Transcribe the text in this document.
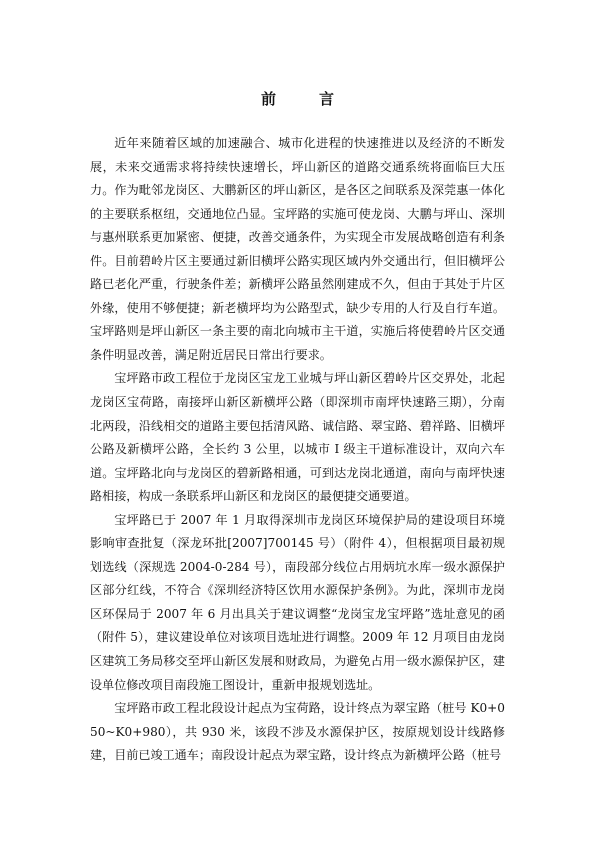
前　言

近年来随着区域的加速融合、城市化进程的快速推进以及经济的不断发展，未来交通需求将持续快速增长，坪山新区的道路交通系统将面临巨大压力。作为毗邻龙岗区、大鹏新区的坪山新区，是各区之间联系及深莞惠一体化的主要联系枢纽，交通地位凸显。宝坪路的实施可使龙岗、大鹏与坪山、深圳与惠州联系更加紧密、便捷，改善交通条件，为实现全市发展战略创造有利条件。目前碧岭片区主要通过新旧横坪公路实现区域内外交通出行，但旧横坪公路已老化严重，行驶条件差；新横坪公路虽然刚建成不久，但由于其处于片区外缘，使用不够便捷；新老横坪均为公路型式，缺少专用的人行及自行车道。宝坪路则是坪山新区一条主要的南北向城市主干道，实施后将使碧岭片区交通条件明显改善，满足附近居民日常出行要求。

宝坪路市政工程位于龙岗区宝龙工业城与坪山新区碧岭片区交界处，北起龙岗区宝荷路，南接坪山新区新横坪公路（即深圳市南坪快速路三期），分南北两段，沿线相交的道路主要包括清风路、诚信路、翠宝路、碧祥路、旧横坪公路及新横坪公路，全长约 3 公里，以城市 I 级主干道标准设计，双向六车道。宝坪路北向与龙岗区的碧新路相通，可到达龙岗北通道，南向与南坪快速路相接，构成一条联系坪山新区和龙岗区的最便捷交通要道。

宝坪路已于 2007 年 1 月取得深圳市龙岗区环境保护局的建设项目环境影响审查批复（深龙环批[2007]700145 号）（附件 4），但根据项目最初规划选线（深规选 2004-0-284 号），南段部分线位占用炳坑水库一级水源保护区部分红线，不符合《深圳经济特区饮用水源保护条例》。为此，深圳市龙岗区环保局于 2007 年 6 月出具关于建议调整“龙岗宝龙宝坪路”选址意见的函（附件 5），建议建设单位对该项目选址进行调整。2009 年 12 月项目由龙岗区建筑工务局移交至坪山新区发展和财政局，为避免占用一级水源保护区，建设单位修改项目南段施工图设计，重新申报规划选址。

宝坪路市政工程北段设计起点为宝荷路，设计终点为翠宝路（桩号 K0+050~K0+980），共 930 米，该段不涉及水源保护区，按原规划设计线路修建，目前已竣工通车；南段设计起点为翠宝路，设计终点为新横坪公路（桩号
